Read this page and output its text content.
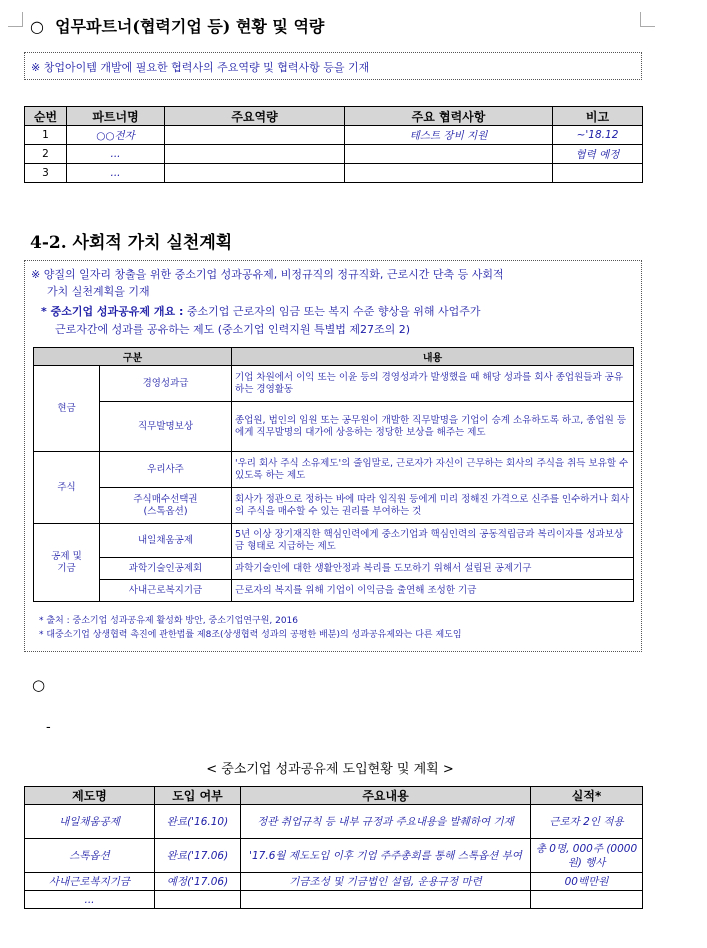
○ 업무파트너(협력기업 등) 현황 및 역량
※ 창업아이템 개발에 필요한 협력사의 주요역량 및 협력사항 등을 기재
순번	파트너명	주요역량	주요 협력사항	비고
1	○○전자		테스트 장비 지원	~'18.12
2	...			협력 예정
3	...			
4-2. 사회적 가치 실천계획
※ 양질의 일자리 창출을 위한 중소기업 성과공유제, 비정규직의 정규직화, 근로시간 단축 등 사회적
가치 실천계획을 기재
* 중소기업 성과공유제 개요 : 중소기업 근로자의 임금 또는 복지 수준 향상을 위해 사업주가
근로자간에 성과를 공유하는 제도 (중소기업 인력지원 특별법 제27조의 2)
구분		내용
현금	경영성과급	기업 차원에서 이익 또는 이윤 등의 경영성과가 발생했을 때 해당 성과를 회사 종업원들과 공유하는 경영활동
	직무발명보상	종업원, 법인의 임원 또는 공무원이 개발한 직무발명을 기업이 승계 소유하도록 하고, 종업원 등에게 직무발명의 대가에 상응하는 정당한 보상을 해주는 제도
주식	우리사주	'우리 회사 주식 소유제도'의 줄임말로, 근로자가 자신이 근무하는 회사의 주식을 취득 보유할 수 있도록 하는 제도
	주식매수선택권
(스톡옵션)	회사가 정관으로 정하는 바에 따라 임직원 등에게 미리 정해진 가격으로 신주를 인수하거나 회사의 주식을 매수할 수 있는 권리를 부여하는 것
공제 및
기금	내일채움공제	5년 이상 장기재직한 핵심인력에게 중소기업과 핵심인력의 공동적립금과 복리이자를 성과보상금 형태로 지급하는 제도
	과학기술인공제회	과학기술인에 대한 생활안정과 복리를 도모하기 위해서 설립된 공제기구
	사내근로복지기금	근로자의 복지를 위해 기업이 이익금을 출연해 조성한 기금
* 출처 : 중소기업 성과공유제 활성화 방안, 중소기업연구원, 2016
* 대중소기업 상생협력 촉진에 관한법률 제8조(상생협력 성과의 공평한 배분)의 성과공유제와는 다른 제도임
○
-
< 중소기업 성과공유제 도입현황 및 계획 >
제도명	도입 여부	주요내용	실적*
내일채움공제	완료('16.10)	정관 취업규칙 등 내부 규정과 주요내용을 발췌하여 기재	근로자 2인 적용
스톡옵션	완료('17.06)	'17.6월 제도도입 이후 기업 주주총회를 통해 스톡옵션 부여	총 0명, 000주 (0000원) 행사
사내근로복지기금	예정('17.06)	기금조성 및 기금법인 설립, 운용규정 마련	00백만원
...			
